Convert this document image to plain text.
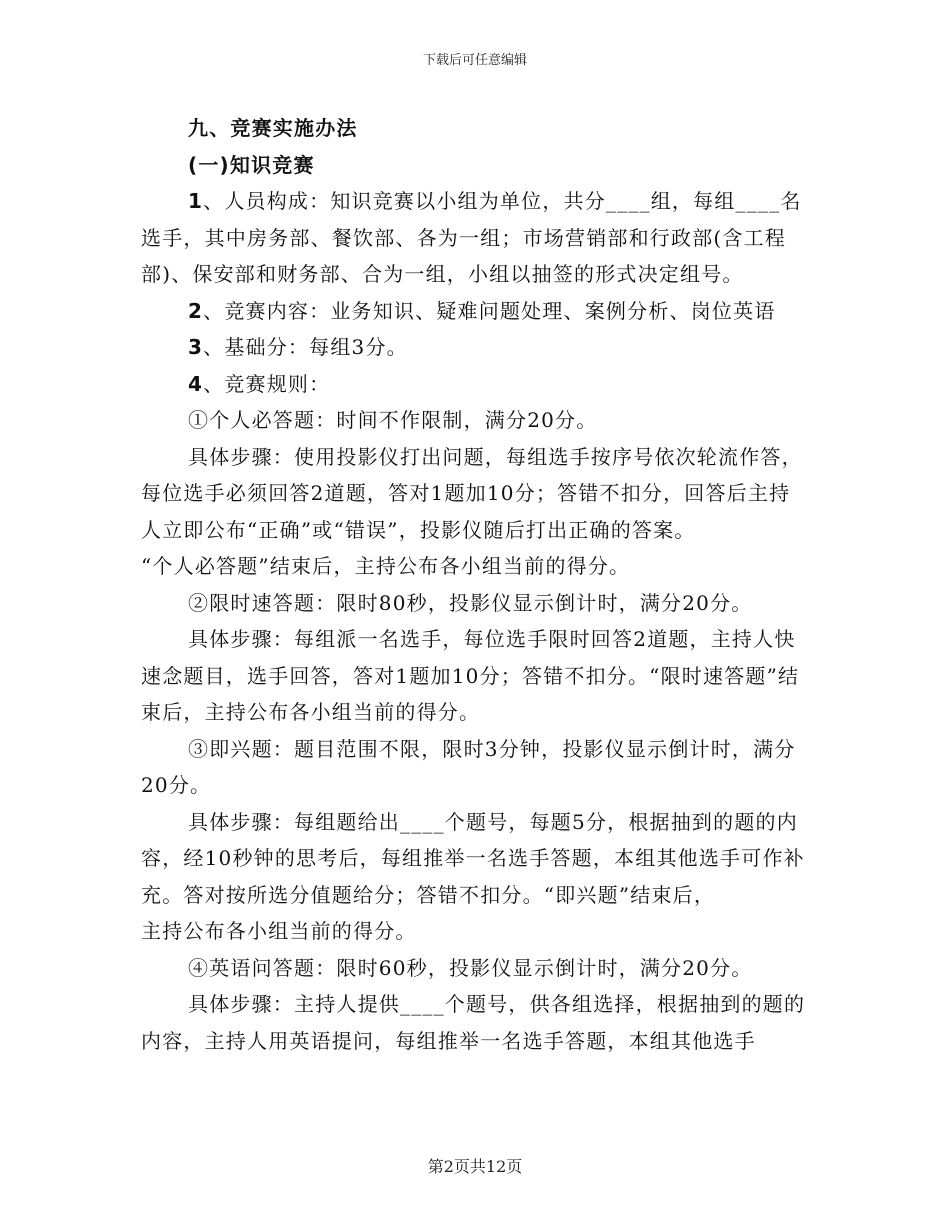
下载后可任意编辑

九、竞赛实施办法

(一)知识竞赛

1、人员构成：知识竞赛以小组为单位，共分____组，每组____名选手，其中房务部、餐饮部、各为一组；市场营销部和行政部(含工程部)、保安部和财务部、合为一组，小组以抽签的形式决定组号。

2、竞赛内容：业务知识、疑难问题处理、案例分析、岗位英语

3、基础分：每组3分。

4、竞赛规则：

①个人必答题：时间不作限制，满分20分。

具体步骤：使用投影仪打出问题，每组选手按序号依次轮流作答，每位选手必须回答2道题，答对1题加10分；答错不扣分，回答后主持人立即公布“正确”或“错误”，投影仪随后打出正确的答案。

“个人必答题”结束后，主持公布各小组当前的得分。

②限时速答题：限时80秒，投影仪显示倒计时，满分20分。

具体步骤：每组派一名选手，每位选手限时回答2道题，主持人快速念题目，选手回答，答对1题加10分；答错不扣分。“限时速答题”结束后，主持公布各小组当前的得分。

③即兴题：题目范围不限，限时3分钟，投影仪显示倒计时，满分20分。

具体步骤：每组题给出____个题号，每题5分，根据抽到的题的内容，经10秒钟的思考后，每组推举一名选手答题，本组其他选手可作补充。答对按所选分值题给分；答错不扣分。“即兴题”结束后，

主持公布各小组当前的得分。

④英语问答题：限时60秒，投影仪显示倒计时，满分20分。

具体步骤：主持人提供____个题号，供各组选择，根据抽到的题的内容，主持人用英语提问，每组推举一名选手答题，本组其他选手

第2页共12页
